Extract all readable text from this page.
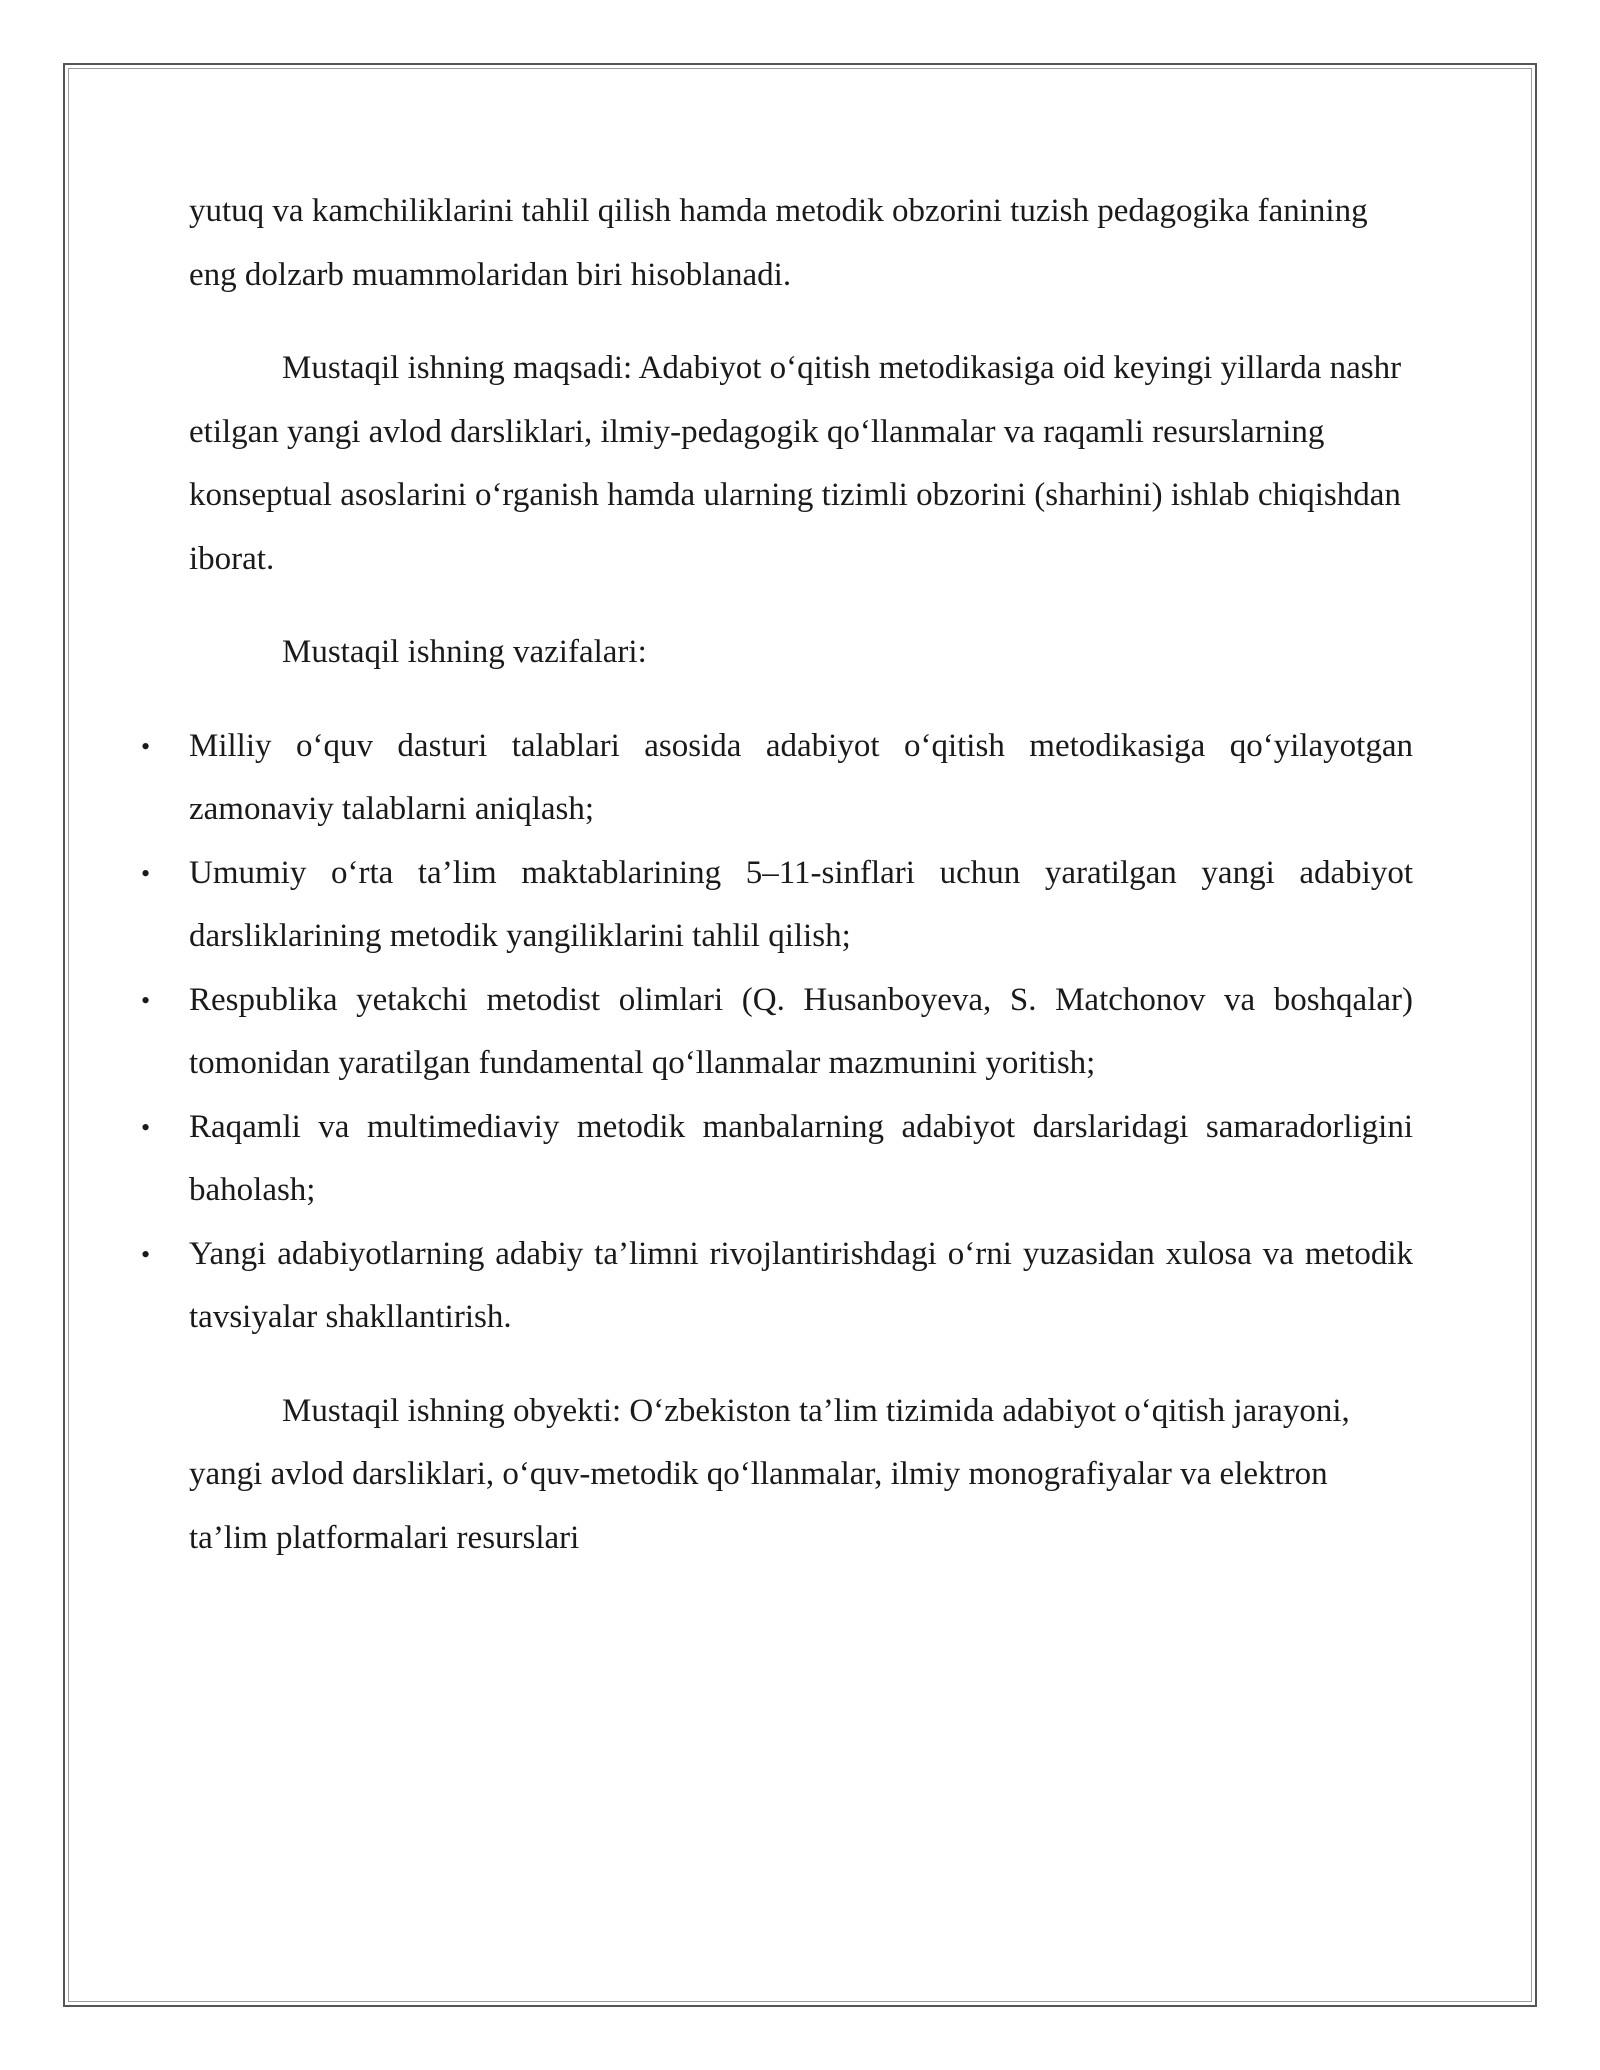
yutuq va kamchiliklarini tahlil qilish hamda metodik obzorini tuzish pedagogika fanining eng dolzarb muammolaridan biri hisoblanadi.

Mustaqil ishning maqsadi: Adabiyot o‘qitish metodikasiga oid keyingi yillarda nashr etilgan yangi avlod darsliklari, ilmiy-pedagogik qo‘llanmalar va raqamli resurslarning konseptual asoslarini o‘rganish hamda ularning tizimli obzorini (sharhini) ishlab chiqishdan iborat.

Mustaqil ishning vazifalari:

• Milliy o‘quv dasturi talablari asosida adabiyot o‘qitish metodikasiga qo‘yilayotgan zamonaviy talablarni aniqlash;
• Umumiy o‘rta ta’lim maktablarining 5–11-sinflari uchun yaratilgan yangi adabiyot darsliklarining metodik yangiliklarini tahlil qilish;
• Respublika yetakchi metodist olimlari (Q. Husanboyeva, S. Matchonov va boshqalar) tomonidan yaratilgan fundamental qo‘llanmalar mazmunini yoritish;
• Raqamli va multimediaviy metodik manbalarning adabiyot darslaridagi samaradorligini baholash;
• Yangi adabiyotlarning adabiy ta’limni rivojlantirishdagi o‘rni yuzasidan xulosa va metodik tavsiyalar shakllantirish.

Mustaqil ishning obyekti: O‘zbekiston ta’lim tizimida adabiyot o‘qitish jarayoni, yangi avlod darsliklari, o‘quv-metodik qo‘llanmalar, ilmiy monografiyalar va elektron ta’lim platformalari resurslari
